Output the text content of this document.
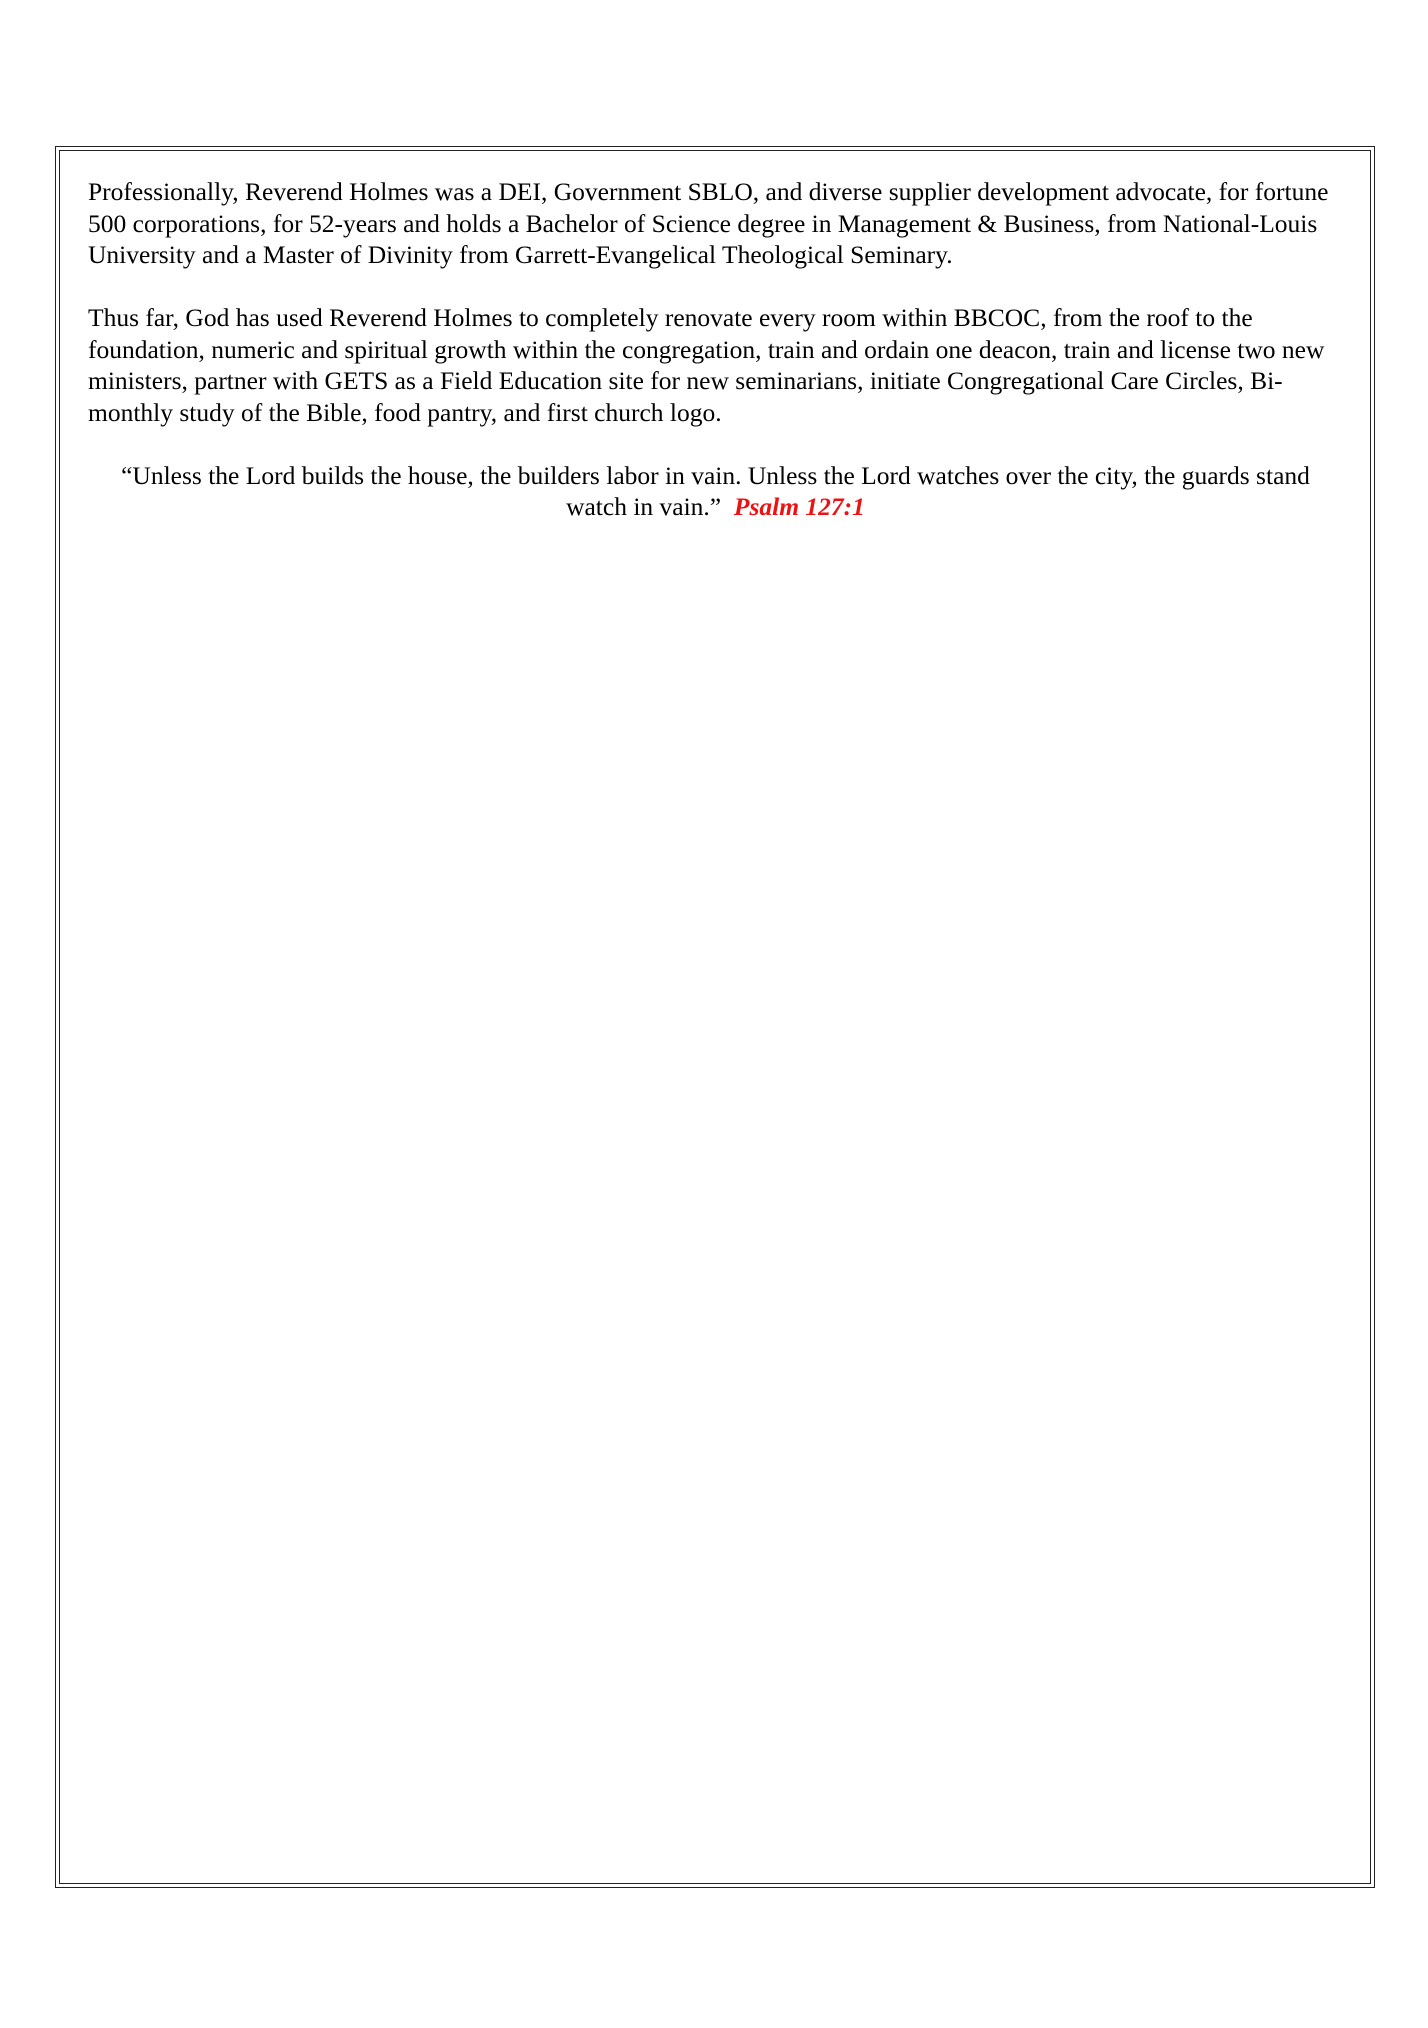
Professionally, Reverend Holmes was a DEI, Government SBLO, and diverse supplier development advocate, for fortune 500 corporations, for 52-years and holds a Bachelor of Science degree in Management & Business, from National-Louis University and a Master of Divinity from Garrett-Evangelical Theological Seminary.

Thus far, God has used Reverend Holmes to completely renovate every room within BBCOC, from the roof to the foundation, numeric and spiritual growth within the congregation, train and ordain one deacon, train and license two new ministers, partner with GETS as a Field Education site for new seminarians, initiate Congregational Care Circles, Bi-monthly study of the Bible, food pantry, and first church logo.

“Unless the Lord builds the house, the builders labor in vain. Unless the Lord watches over the city, the guards stand watch in vain.” Psalm 127:1
